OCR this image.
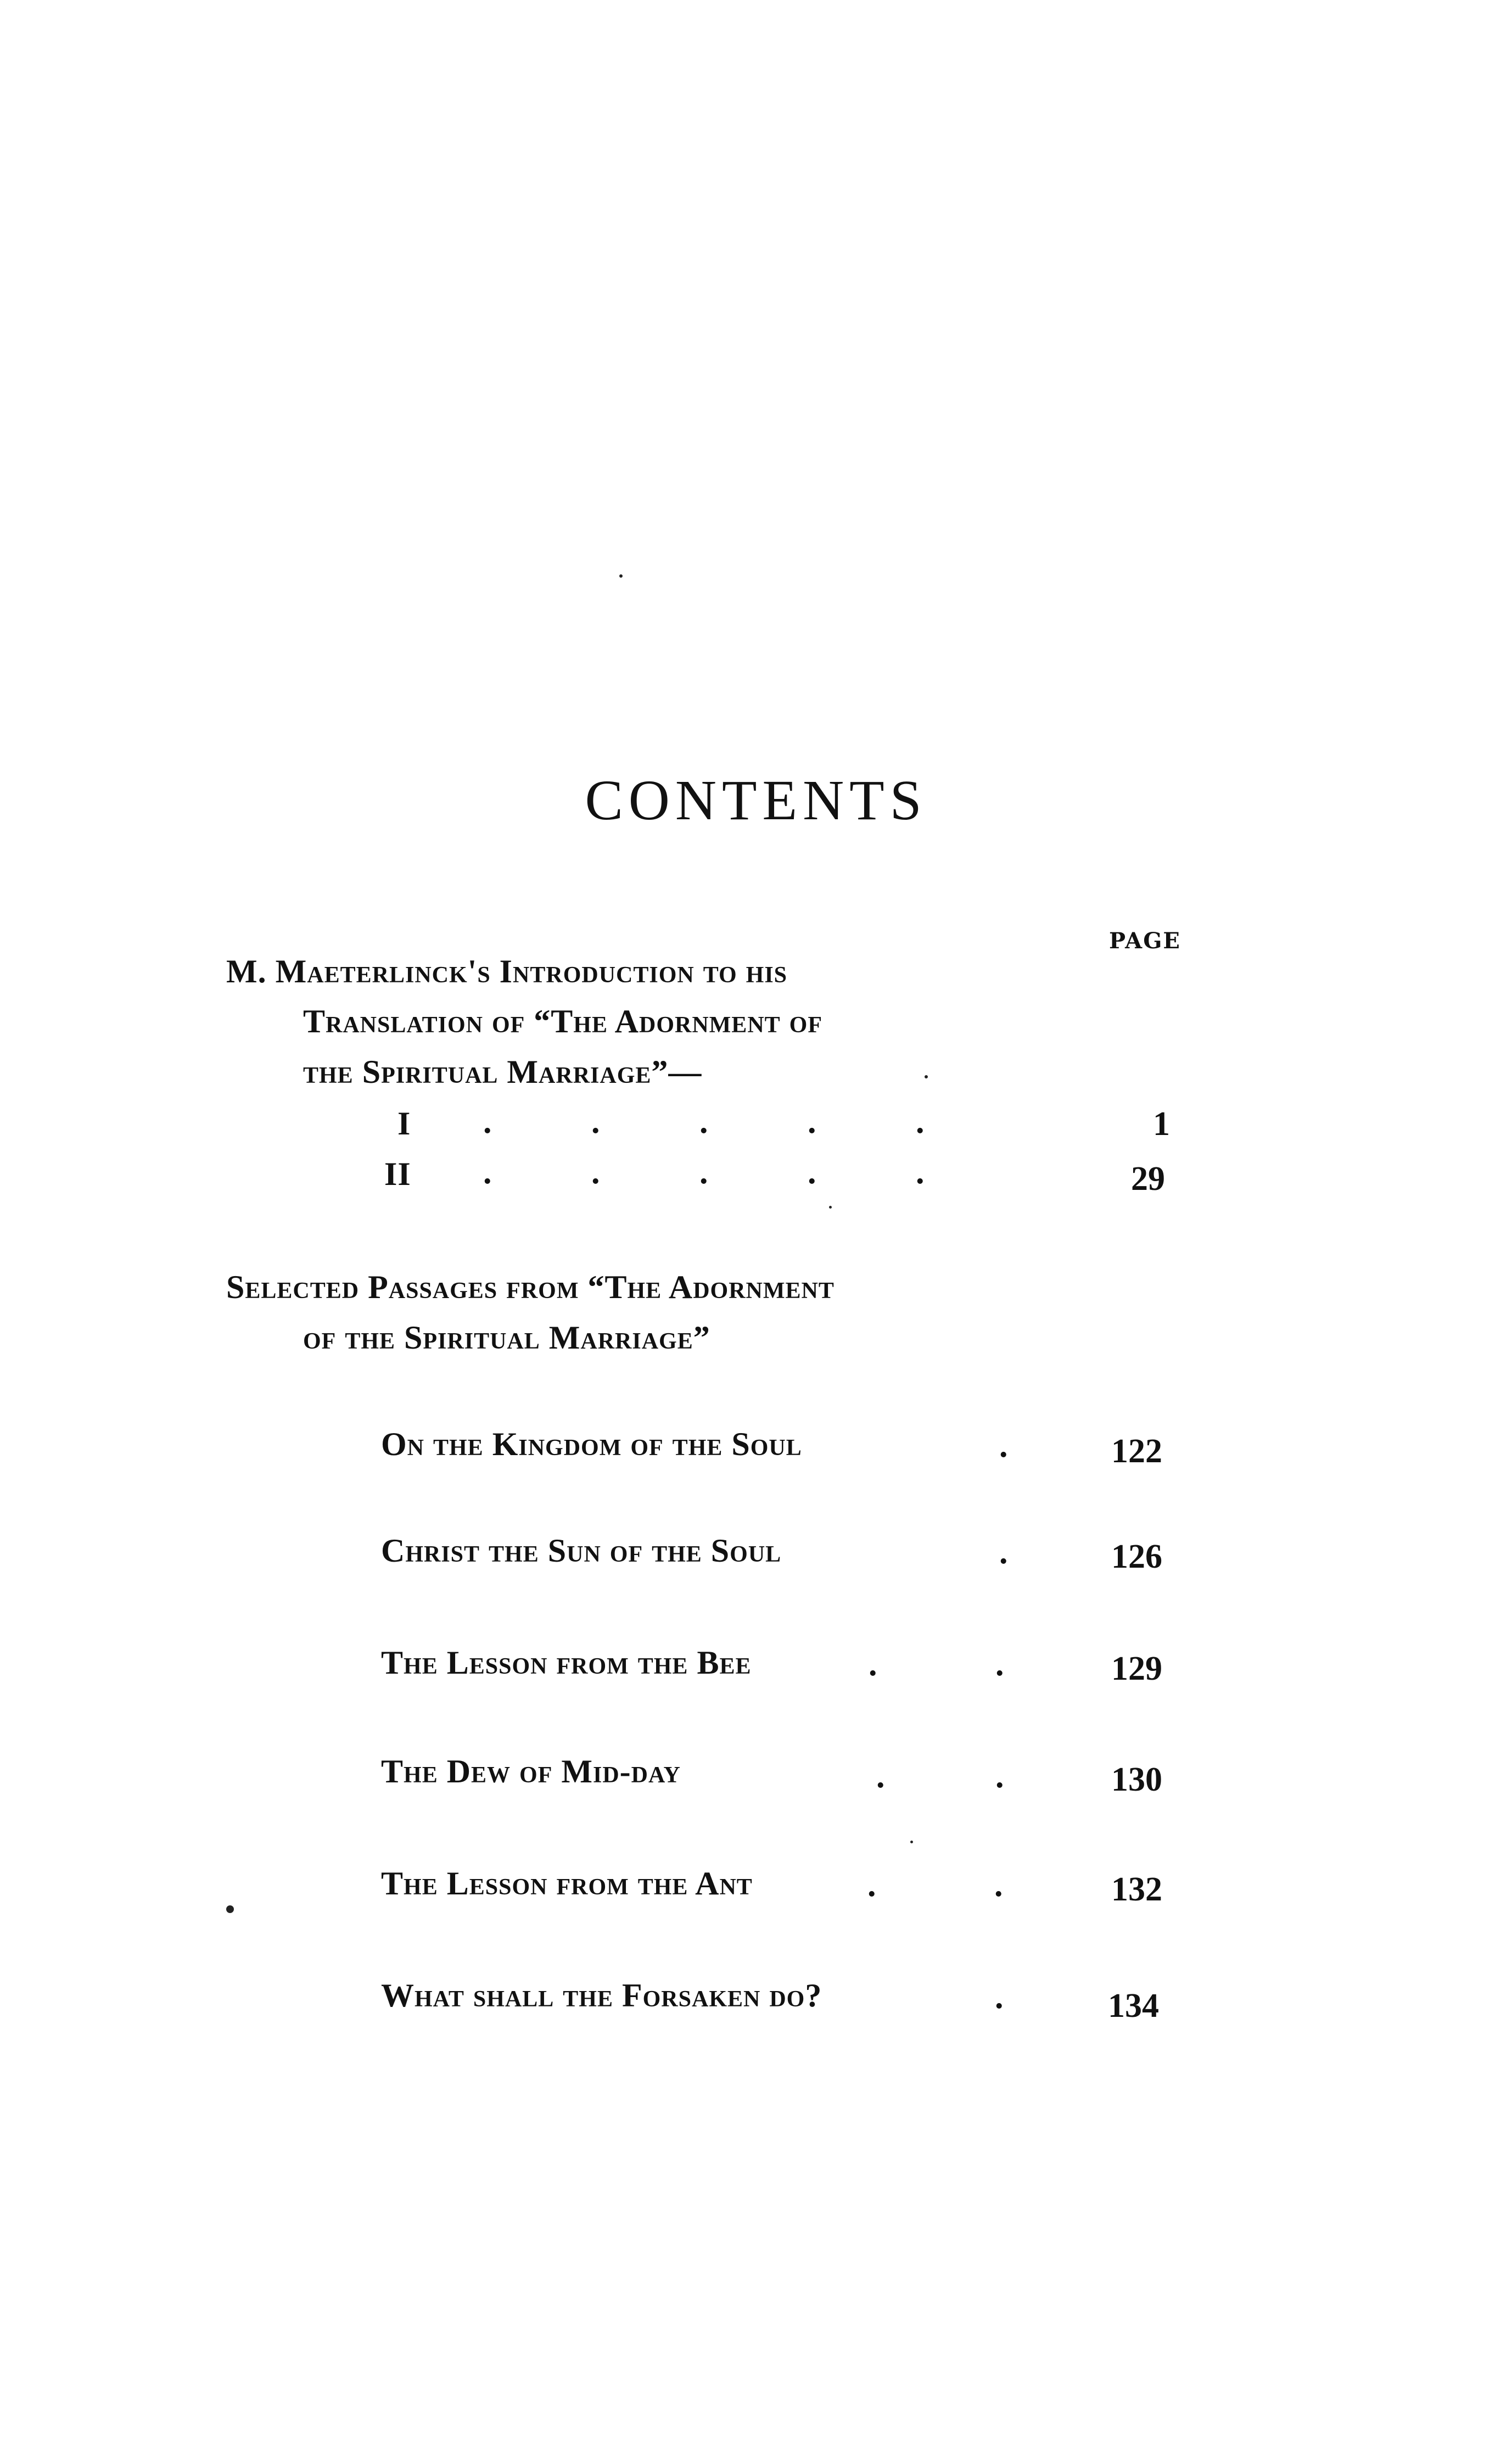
CONTENTS
PAGE
M. Maeterlinck's Introduction to his
Translation of “The Adornment of
the Spiritual Marriage”—
I . . . . .	1
II . . . . .	29
Selected Passages from “The Adornment
of the Spiritual Marriage”
On the Kingdom of the Soul	.	122
Christ the Sun of the Soul	.	126
The Lesson from the Bee	. .	129
The Dew of Mid-day	. .	130
The Lesson from the Ant	. .	132
What shall the Forsaken do?	.	134
